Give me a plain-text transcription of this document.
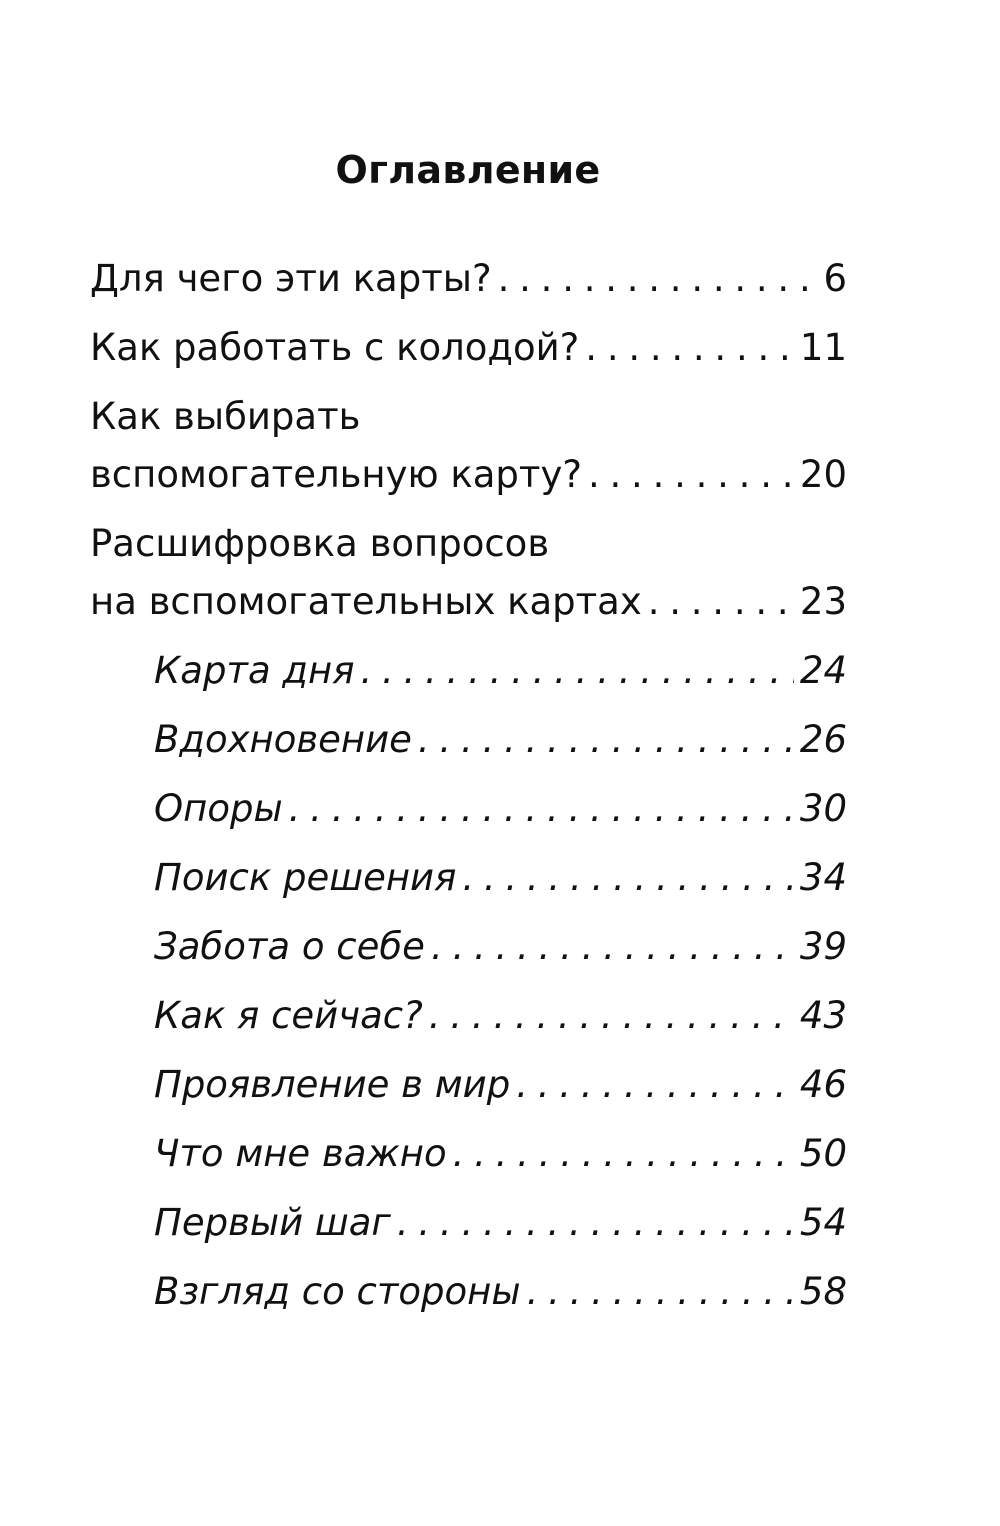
Оглавление
Для чего эти карты? . . .	6
Как работать с колодой? . . .	11
Как выбирать
вспомогательную карту? . . .	20
Расшифровка вопросов
на вспомогательных картах . . .	23
Карта дня . . .	24
Вдохновение . . .	26
Опоры . . .	30
Поиск решения . . .	34
Забота о себе . . .	39
Как я сейчас? . . .	43
Проявление в мир . . .	46
Что мне важно . . .	50
Первый шаг . . .	54
Взгляд со стороны . . .	58
